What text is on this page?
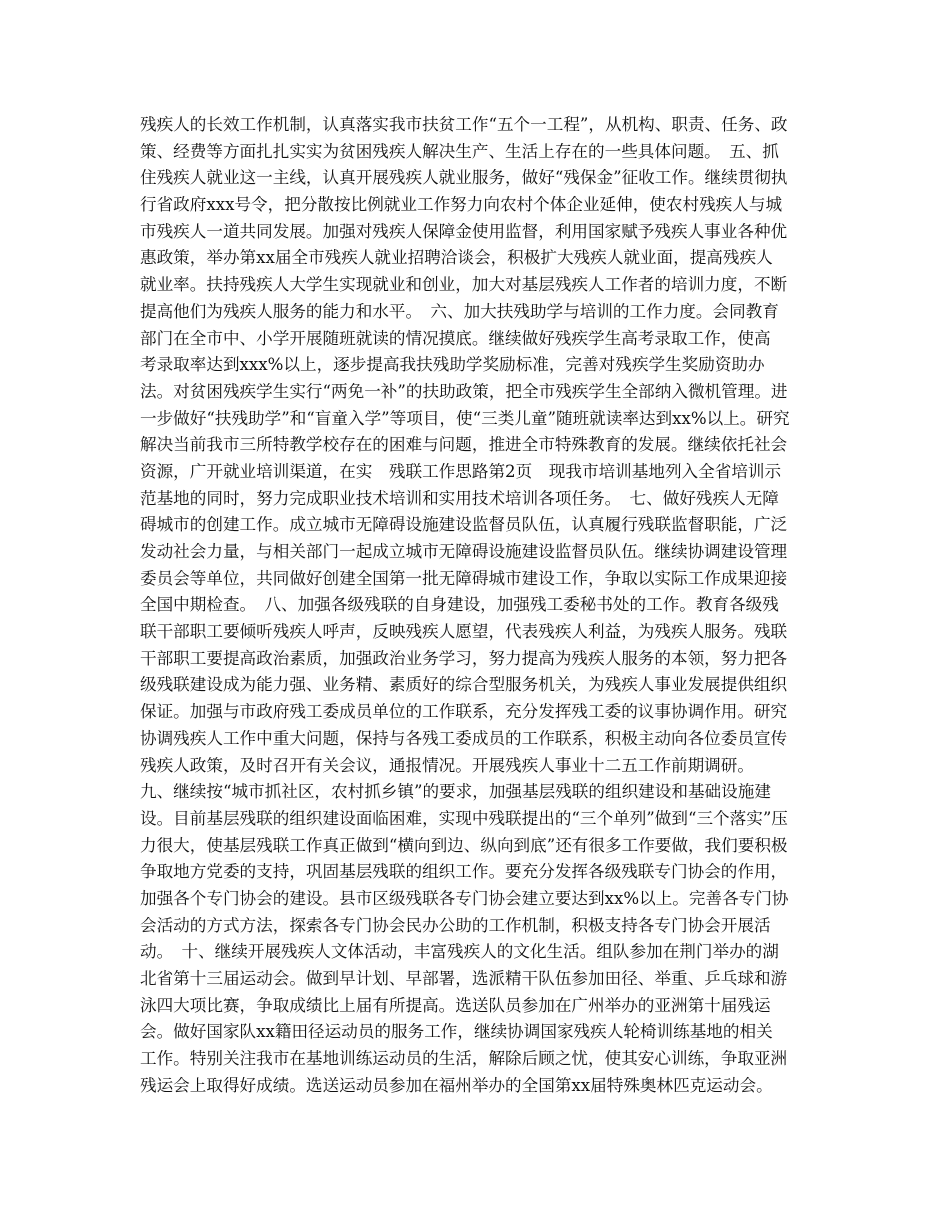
残疾人的长效工作机制，认真落实我市扶贫工作“五个一工程”，从机构、职责、任务、政
策、经费等方面扎扎实实为贫困残疾人解决生产、生活上存在的一些具体问题。　五、抓
住残疾人就业这一主线，认真开展残疾人就业服务，做好“残保金”征收工作。继续贯彻执
行省政府xxx号令，把分散按比例就业工作努力向农村个体企业延伸，使农村残疾人与城
市残疾人一道共同发展。加强对残疾人保障金使用监督，利用国家赋予残疾人事业各种优
惠政策，举办第xx届全市残疾人就业招聘洽谈会，积极扩大残疾人就业面，提高残疾人
就业率。扶持残疾人大学生实现就业和创业，加大对基层残疾人工作者的培训力度，不断
提高他们为残疾人服务的能力和水平。　六、加大扶残助学与培训的工作力度。会同教育
部门在全市中、小学开展随班就读的情况摸底。继续做好残疾学生高考录取工作，使高
考录取率达到xxx%以上，逐步提高我扶残助学奖励标准，完善对残疾学生奖励资助办
法。对贫困残疾学生实行“两免一补”的扶助政策，把全市残疾学生全部纳入微机管理。进
一步做好“扶残助学”和“盲童入学”等项目，使“三类儿童”随班就读率达到xx%以上。研究
解决当前我市三所特教学校存在的困难与问题，推进全市特殊教育的发展。继续依托社会
资源，广开就业培训渠道，在实　残联工作思路第2页　现我市培训基地列入全省培训示
范基地的同时，努力完成职业技术培训和实用技术培训各项任务。　七、做好残疾人无障
碍城市的创建工作。成立城市无障碍设施建设监督员队伍，认真履行残联监督职能，广泛
发动社会力量，与相关部门一起成立城市无障碍设施建设监督员队伍。继续协调建设管理
委员会等单位，共同做好创建全国第一批无障碍城市建设工作，争取以实际工作成果迎接
全国中期检查。　八、加强各级残联的自身建设，加强残工委秘书处的工作。教育各级残
联干部职工要倾听残疾人呼声，反映残疾人愿望，代表残疾人利益，为残疾人服务。残联
干部职工要提高政治素质，加强政治业务学习，努力提高为残疾人服务的本领，努力把各
级残联建设成为能力强、业务精、素质好的综合型服务机关，为残疾人事业发展提供组织
保证。加强与市政府残工委成员单位的工作联系，充分发挥残工委的议事协调作用。研究
协调残疾人工作中重大问题，保持与各残工委成员的工作联系，积极主动向各位委员宣传
残疾人政策，及时召开有关会议，通报情况。开展残疾人事业十二五工作前期调研。
九、继续按“城市抓社区，农村抓乡镇”的要求，加强基层残联的组织建设和基础设施建
设。目前基层残联的组织建设面临困难，实现中残联提出的“三个单列”做到“三个落实”压
力很大，使基层残联工作真正做到“横向到边、纵向到底”还有很多工作要做，我们要积极
争取地方党委的支持，巩固基层残联的组织工作。要充分发挥各级残联专门协会的作用，
加强各个专门协会的建设。县市区级残联各专门协会建立要达到xx%以上。完善各专门协
会活动的方式方法，探索各专门协会民办公助的工作机制，积极支持各专门协会开展活
动。　十、继续开展残疾人文体活动，丰富残疾人的文化生活。组队参加在荆门举办的湖
北省第十三届运动会。做到早计划、早部署，选派精干队伍参加田径、举重、乒乓球和游
泳四大项比赛，争取成绩比上届有所提高。选送队员参加在广州举办的亚洲第十届残运
会。做好国家队xx籍田径运动员的服务工作，继续协调国家残疾人轮椅训练基地的相关
工作。特别关注我市在基地训练运动员的生活，解除后顾之忧，使其安心训练，争取亚洲
残运会上取得好成绩。选送运动员参加在福州举办的全国第xx届特殊奥林匹克运动会。
